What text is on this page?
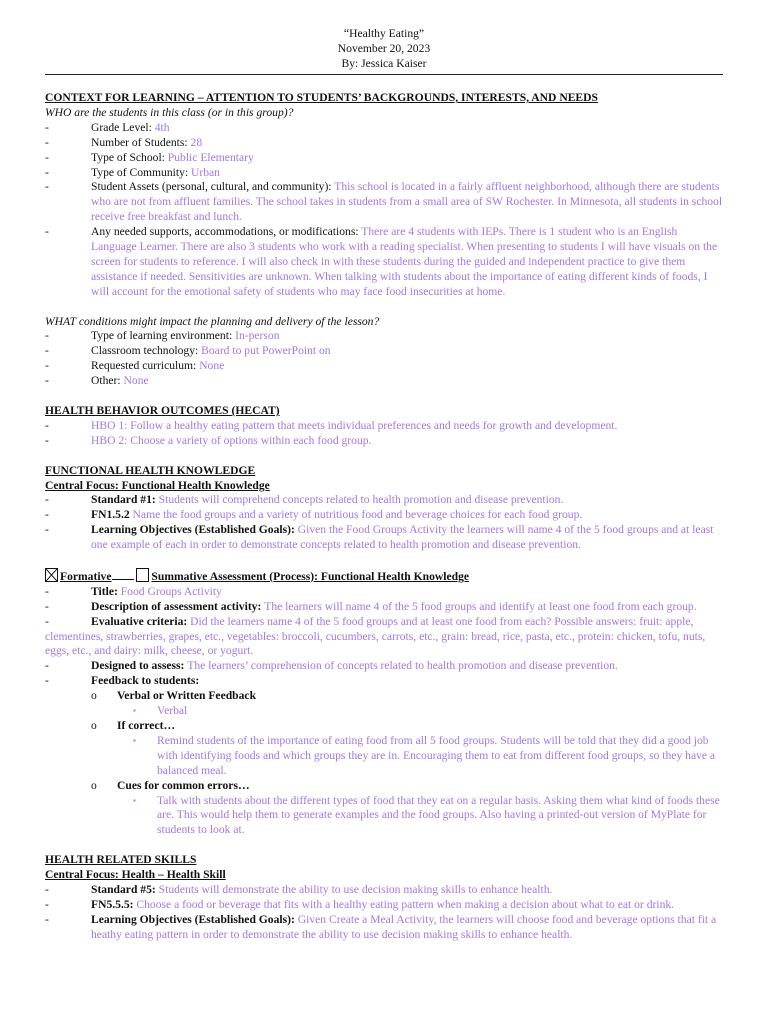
“Healthy Eating”
November 20, 2023
By: Jessica Kaiser
CONTEXT FOR LEARNING – ATTENTION TO STUDENTS’ BACKGROUNDS, INTERESTS, AND NEEDS
WHO are the students in this class (or in this group)?
-	Grade Level: 4th
-	Number of Students: 28
-	Type of School: Public Elementary
-	Type of Community: Urban
-	Student Assets (personal, cultural, and community): This school is located in a fairly affluent neighborhood, although there are students who are not from affluent families. The school takes in students from a small area of SW Rochester. In Minnesota, all students in school receive free breakfast and lunch.
-	Any needed supports, accommodations, or modifications: There are 4 students with IEPs. There is 1 student who is an English Language Learner. There are also 3 students who work with a reading specialist. When presenting to students I will have visuals on the screen for students to reference. I will also check in with these students during the guided and independent practice to give them assistance if needed. Sensitivities are unknown. When talking with students about the importance of eating different kinds of foods, I will account for the emotional safety of students who may face food insecurities at home.
WHAT conditions might impact the planning and delivery of the lesson?
-	Type of learning environment: In-person
-	Classroom technology: Board to put PowerPoint on
-	Requested curriculum: None
-	Other: None
HEALTH BEHAVIOR OUTCOMES (HECAT)
-	HBO 1: Follow a healthy eating pattern that meets individual preferences and needs for growth and development.
-	HBO 2: Choose a variety of options within each food group.
FUNCTIONAL HEALTH KNOWLEDGE
Central Focus: Functional Health Knowledge
-	Standard #1: Students will comprehend concepts related to health promotion and disease prevention.
-	FN1.5.2 Name the food groups and a variety of nutritious food and beverage choices for each food group.
-	Learning Objectives (Established Goals): Given the Food Groups Activity the learners will name 4 of the 5 food groups and at least one example of each in order to demonstrate concepts related to health promotion and disease prevention.
Formative	Summative Assessment (Process): Functional Health Knowledge
-	Title: Food Groups Activity
-	Description of assessment activity: The learners will name 4 of the 5 food groups and identify at least one food from each group.
-	Evaluative criteria: Did the learners name 4 of the 5 food groups and at least one food from each? Possible answers: fruit: apple, clementines, strawberries, grapes, etc., vegetables: broccoli, cucumbers, carrots, etc., grain: bread, rice, pasta, etc., protein: chicken, tofu, nuts, eggs, etc., and dairy: milk, cheese, or yogurt.
-	Designed to assess: The learners’ comprehension of concepts related to health promotion and disease prevention.
-	Feedback to students:
o	Verbal or Written Feedback
▪	Verbal
o	If correct…
▪	Remind students of the importance of eating food from all 5 food groups. Students will be told that they did a good job with identifying foods and which groups they are in. Encouraging them to eat from different food groups, so they have a balanced meal.
o	Cues for common errors…
▪	Talk with students about the different types of food that they eat on a regular basis. Asking them what kind of foods these are. This would help them to generate examples and the food groups. Also having a printed-out version of MyPlate for students to look at.
HEALTH RELATED SKILLS
Central Focus: Health – Health Skill
-	Standard #5: Students will demonstrate the ability to use decision making skills to enhance health.
-	FN5.5.5: Choose a food or beverage that fits with a healthy eating pattern when making a decision about what to eat or drink.
-	Learning Objectives (Established Goals): Given Create a Meal Activity, the learners will choose food and beverage options that fit a heathy eating pattern in order to demonstrate the ability to use decision making skills to enhance health.
